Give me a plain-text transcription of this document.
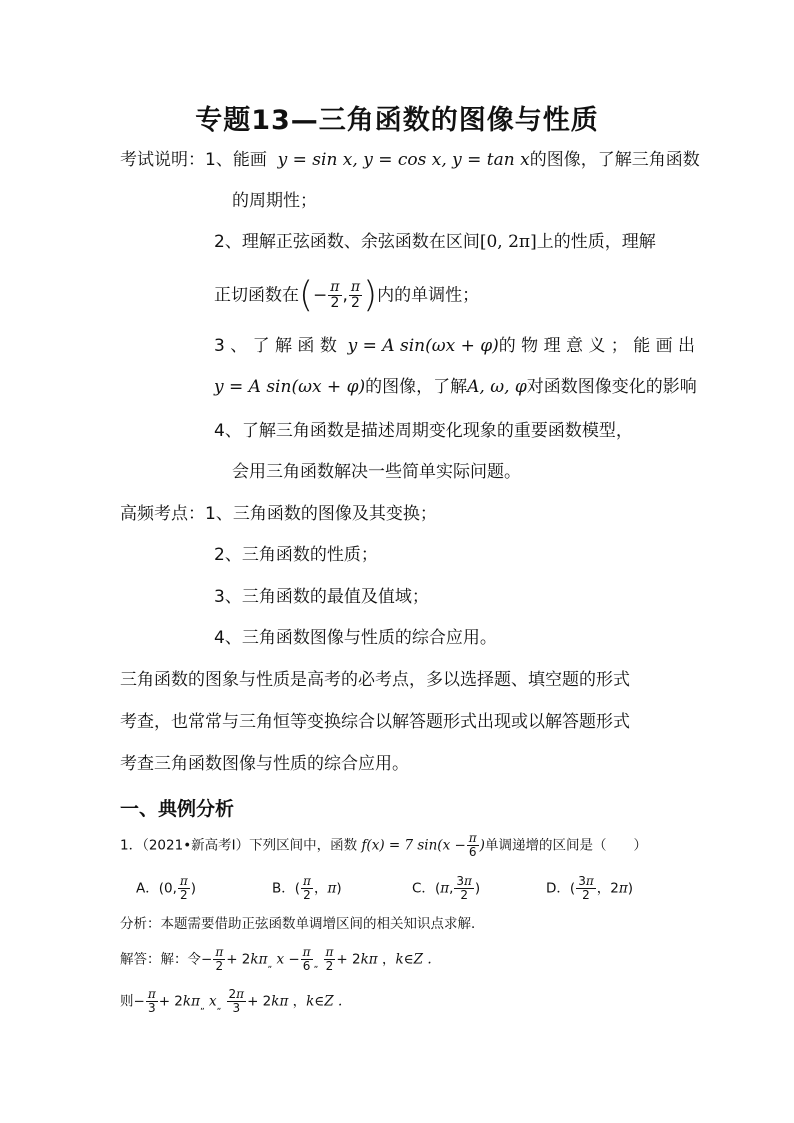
专题13—三角函数的图像与性质
考试说明：1、能画 y = sin x, y = cos x, y = tan x的图像，了解三角函数
的周期性；
2、理解正弦函数、余弦函数在区间[0, 2π]上的性质，理解
正切函数在(− $\frac{\pi}{2}$ , $\frac{\pi}{2}$ )内的单调性；
3 、 了 解 函 数 y = A sin(ωx + φ)的 物 理 意 义 ； 能 画 出
y = A sin(ωx + φ)的图像，了解A, ω, φ对函数图像变化的影响
4、了解三角函数是描述周期变化现象的重要函数模型，
会用三角函数解决一些简单实际问题。
高频考点：1、三角函数的图像及其变换；
2、三角函数的性质；
3、三角函数的最值及值域；
4、三角函数图像与性质的综合应用。
三角函数的图象与性质是高考的必考点，多以选择题、填空题的形式
考查，也常常与三角恒等变换综合以解答题形式出现或以解答题形式
考查三角函数图像与性质的综合应用。
一、典例分析
1．（2021•新高考Ⅰ）下列区间中，函数 f(x) = 7 $\sin(x - \frac{\pi}{6}$ )单调递增的区间是（　　）
A．(0, $\frac{\pi}{2}$ )	B．( $\frac{\pi}{2}$ ，π)	C．(π, $\frac{3\pi}{2}$ )	D．( $\frac{3\pi}{2}$ ，2π)
分析：本题需要借助正弦函数单调增区间的相关知识点求解．
解答：解：令− $\frac{\pi}{2} + 2k\pi_„$ $x - \frac{\pi}{6} _„ \frac{\pi}{2} + 2k\pi$ ，k∈Z .
则− $\frac{\pi}{3} + 2k\pi_„$ $x_„ \frac{2\pi}{3} + 2k\pi$ ，k∈Z .
